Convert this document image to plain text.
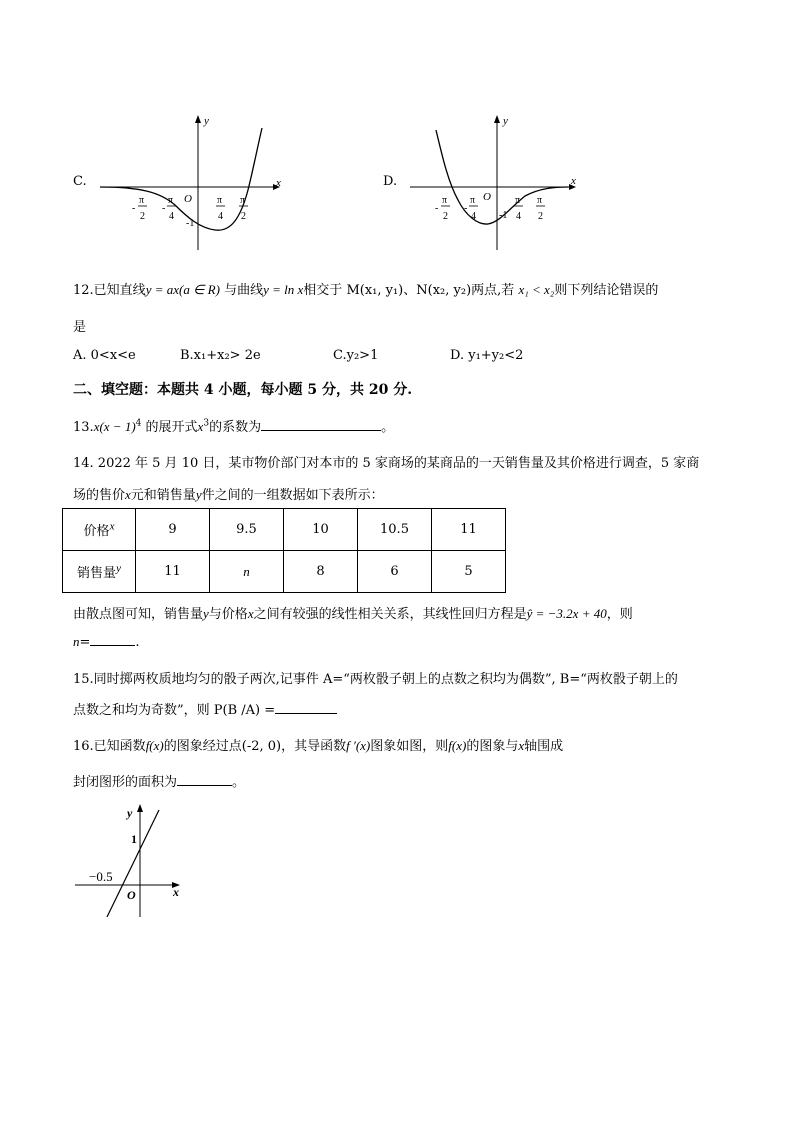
C.
y
x
O
π
-
2
π
-
4
-1
π
4
π
2
D.
y
x
O
π
-
2
π
-
4 -1
π
4
π
2
12.已知直线y = ax(a ∈ R) 与曲线y = ln x相交于 M(x₁, y₁)、N(x₂, y₂)两点,若 x₁ < x₂则下列结论错误的
是
A. 0<x<e	B.x₁+x₂> 2e	C.y₂>1	D. y₁+y₂<2
二、填空题：本题共 4 小题，每小题 5 分，共 20 分.
$13.x(x - 1)^4$ 的展开式$x^3$的系数为	。
14. 2022 年 5 月 10 日，某市物价部门对本市的 5 家商场的某商品的一天销售量及其价格进行调查，5 家商
场的售价x元和销售量y件之间的一组数据如下表所示：
价格$^x$	9	9.5	10	10.5	11
销售量$^y$	11	n	8	6	5
由散点图可知，销售量y与价格x之间有较强的线性相关关系，其线性回归方程是ŷ = −3.2x + 40，则
n=	.
15.同时掷两枚质地均匀的骰子两次,记事件 A=“两枚骰子朝上的点数之积均为偶数”, B=“两枚骰子朝上的
点数之和均为奇数”，则 P(B /A) =
16.已知函数f(x)的图象经过点(-2, 0)，其导函数f ′(x)图象如图，则f(x)的图象与x轴围成
封闭图形的面积为	。
y
x
O
1
−0.5
